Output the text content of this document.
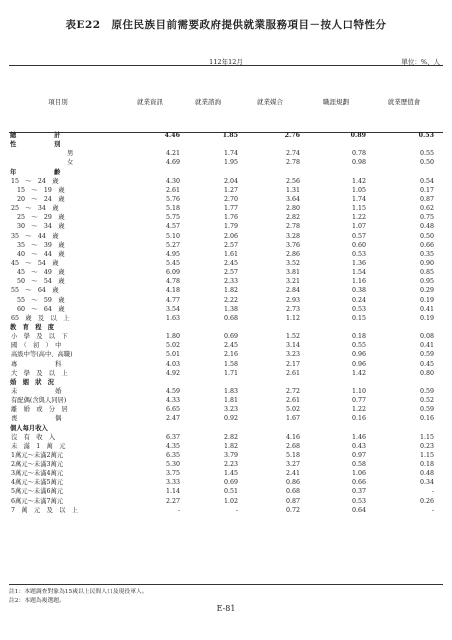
表E22　原住民族目前需要政府提供就業服務項目－按人口特性分
112年12月	單位：%、人
項目別	就業資訊	就業諮詢	就業媒合	職涯規劃	就業歷值會
總　　　　　　計	4.46	1.85	2.76	0.89	0.53
性　　　　　　別
男	4.21	1.74	2.74	0.78	0.55
女	4.69	1.95	2.78	0.98	0.50
年　　　　　　齡
15　～　24　歲	4.30	2.04	2.56	1.42	0.54
15　～　19　歲	2.61	1.27	1.31	1.05	0.17
20　～　24　歲	5.76	2.70	3.64	1.74	0.87
25　～　34　歲	5.18	1.77	2.80	1.15	0.62
25　～　29　歲	5.75	1.76	2.82	1.22	0.75
30　～　34　歲	4.57	1.79	2.78	1.07	0.48
35　～　44　歲	5.10	2.06	3.28	0.57	0.50
35　～　39　歲	5.27	2.57	3.76	0.60	0.66
40　～　44　歲	4.95	1.61	2.86	0.53	0.35
45　～　54　歲	5.45	2.45	3.52	1.36	0.90
45　～　49　歲	6.09	2.57	3.81	1.54	0.85
50　～　54　歲	4.78	2.33	3.21	1.16	0.95
55　～　64　歲	4.18	1.82	2.84	0.38	0.29
55　～　59　歲	4.77	2.22	2.93	0.24	0.19
60　～　64　歲	3.54	1.38	2.73	0.53	0.41
65　歲　及　以　上	1.63	0.68	1.12	0.15	0.19
教　育　程　度
小　學　及　以　下	1.80	0.69	1.52	0.18	0.08
國　（　初　）　中	5.02	2.45	3.14	0.55	0.41
高級中等(高中、高職)	5.01	2.16	3.23	0.96	0.59
專　　　　　　科	4.03	1.58	2.17	0.96	0.45
大　學　及　以　上	4.92	1.71	2.61	1.42	0.80
婚　姻　狀　況
未　　　　　　婚	4.59	1.83	2.72	1.10	0.59
有配偶(含與人同居)	4.33	1.81	2.61	0.77	0.52
離　婚　或　分　居	6.65	3.23	5.02	1.22	0.59
喪　　　　　　偶	2.47	0.92	1.67	0.16	0.16
個人每月收入
沒　有　收　入	6.37	2.82	4.16	1.46	1.15
未　滿　1　萬　元	4.35	1.82	2.68	0.43	0.23
1萬元～未滿2萬元	6.35	3.79	5.18	0.97	1.15
2萬元～未滿3萬元	5.30	2.23	3.27	0.58	0.18
3萬元～未滿4萬元	3.75	1.45	2.41	1.06	0.48
4萬元～未滿5萬元	3.33	0.69	0.86	0.66	0.34
5萬元～未滿6萬元	1.14	0.51	0.68	0.37	-
6萬元～未滿7萬元	2.27	1.02	0.87	0.53	0.26
7　萬　元　及　以　上	-	-	0.72	0.64	-
註1：本題調查對象為15歲以上民間人口及現役軍人。
註2：本題為複選題。
E-81
